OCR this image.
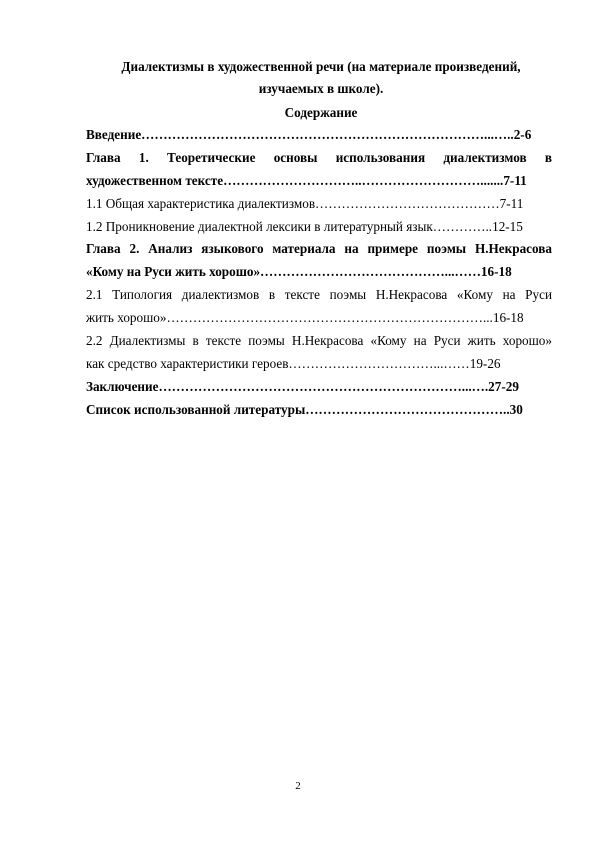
Диалектизмы в художественной речи (на материале произведений,
изучаемых в школе).
Содержание
Введение……………………………………………………………………...…..2-6
Глава 1. Теоретические основы использования диалектизмов в
художественном тексте…………………………..……………………….......7-11
1.1 Общая характеристика диалектизмов……………………………………7-11
1.2 Проникновение диалектной лексики в литературный язык…………..12-15
Глава 2. Анализ языкового материала на примере поэмы Н.Некрасова
«Кому на Руси жить хорошо»……………………………………...……16-18
2.1 Типология диалектизмов в тексте поэмы Н.Некрасова «Кому на Руси
жить хорошо»………………………………………………………………...16-18
2.2 Диалектизмы в тексте поэмы Н.Некрасова «Кому на Руси жить хорошо»
как средство характеристики героев……………………………...……19-26
Заключение……………………………………………………………...….27-29
Список использованной литературы………………………………………..30
2
